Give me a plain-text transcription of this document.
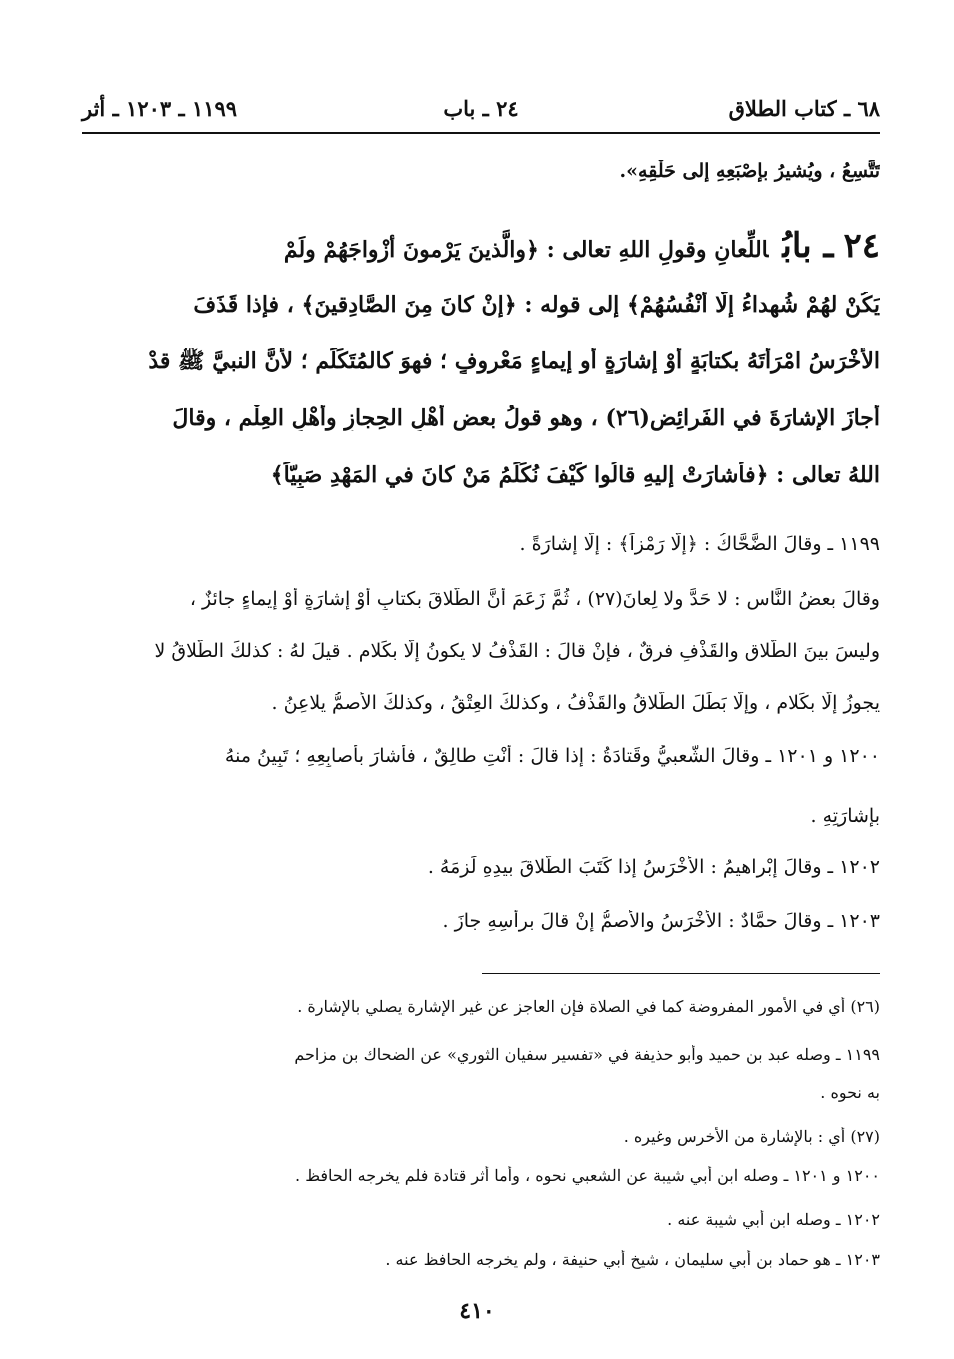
٦٨ ـ كتاب الطلاق
٢٤ ـ باب
١١٩٩ ـ ١٢٠٣ ـ أثر
تَتَّسِعُ ، ويُشيرُ بإصْبَعِهِ إلى حَلْقِهِ».
٢٤ـ بابُاللِّعانِ وقولِ اللهِ تعالى : ﴿والَّذينَ يَرْمونَ أزْواجَهُمْ ولَمْ
يَكُنْ لهُمْ شُهداءُ إلَّا أَنْفُسُهُمْ﴾ إلى قوله : ﴿إنْ كانَ مِنَ الصَّادِقينَ﴾ ، فإذا قَذَفَ
الأَخْرَسُ امْرَأتَهُ بكتابَةٍ أَوْ إشارَةٍ أو إيماءٍ مَعْروفٍ ؛ فهوَ كالمُتَكَلِّمِ ؛ لأنَّ النبيَّ ﷺ قدْ
أجازَ الإِشارَةَ في الفَرائِضِ(٢٦) ، وهو قولُ بعضِ أَهْلِ الحِجازِ وأَهْلِ العِلْمِ ، وقالَ
اللهُ تعالى : ﴿فأَشارَتْ إليهِ قالُوا كَيْفَ نُكَلِّمُ مَنْ كانَ في المَهْدِ صَبِيّاً﴾
١١٩٩ ـ وقالَ الضَّحَّاكُ : ﴿إلَّا رَمْزاً﴾ : إلَّا إشارَةً .
وقالَ بعضُ النَّاسِ : لا حَدَّ ولا لِعانَ(٢٧) ، ثُمَّ زَعَمَ أنَّ الطَّلاقَ بكتابٍ أوْ إشارَةٍ أوْ إيماءٍ جائزٌ ،
وليسَ بينَ الطَّلاقِ والقَذْفِ فرقٌ ، فإنْ قالَ : القَذْفُ لا يكونُ إلَّا بكَلامٍ . قيلَ لهُ : كذلكَ الطَّلاقُ لا
يجوزُ إلَّا بكَلامٍ ، وإلَّا بَطَلَ الطَّلاقُ والقَذْفُ ، وكذلكَ العِتْقُ ، وكذلكَ الأصمُّ يلاعِنُ .
١٢٠٠ و ١٢٠١ ـ وقالَ الشَّعبيُّ وقَتادَةُ : إذا قالَ : أَنْتِ طالِقٌ ، فأشارَ بأصابِعِهِ ؛ تَبِينُ منهُ
بإشارَتِهِ .
١٢٠٢ ـ وقالَ إبْراهيمُ : الأَخْرَسُ إذا كَتَبَ الطَّلاقَ بيدِهِ لَزِمَهُ .
١٢٠٣ ـ وقالَ حمَّادٌ : الأَخْرَسُ والأصمُّ إنْ قالَ برأْسِهِ جازَ .
(٢٦) أي في الأمور المفروضة كما في الصلاة فإن العاجز عن غير الإشارة يصلي بالإشارة .
١١٩٩ ـ وصله عبد بن حميد وأبو حذيفة في «تفسير سفيان الثوري» عن الضحاك بن مزاحم
به نحوه .
(٢٧) أي : بالإشارة من الأخرس وغيره .
١٢٠٠ و ١٢٠١ ـ وصله ابن أبي شيبة عن الشعبي نحوه ، وأما أثر قتادة فلم يخرجه الحافظ .
١٢٠٢ ـ وصله ابن أبي شيبة عنه .
١٢٠٣ ـ هو حماد بن أبي سليمان ، شيخ أبي حنيفة ، ولم يخرجه الحافظ عنه .
٤١٠
